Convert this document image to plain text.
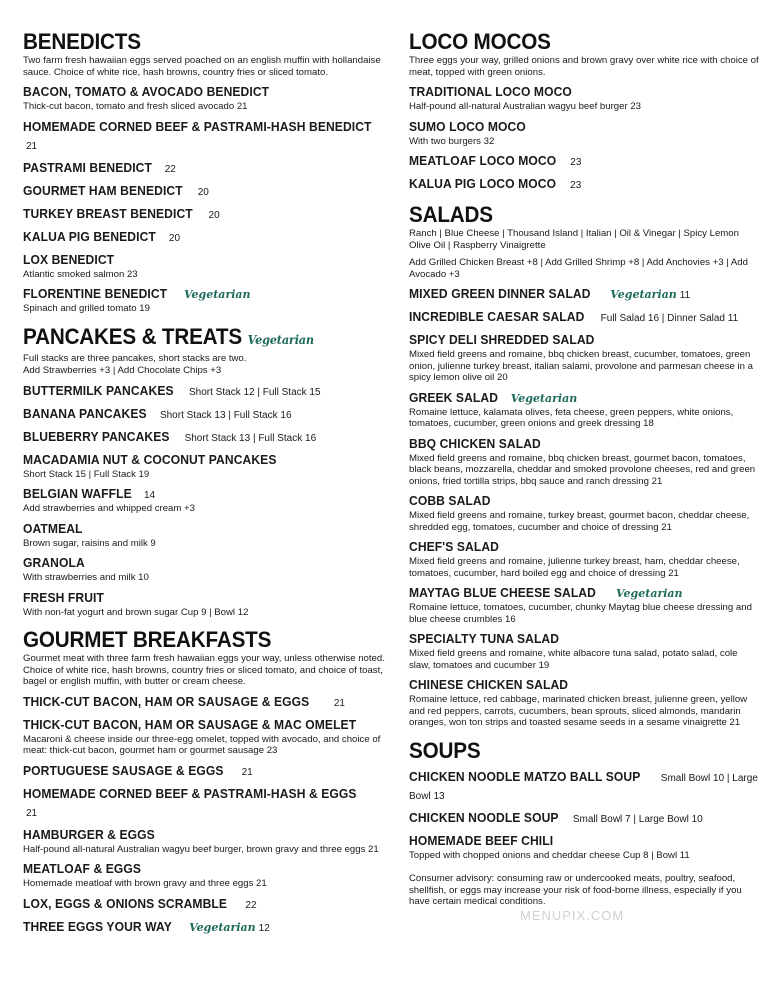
BENEDICTS
Two farm fresh hawaiian eggs served poached on an english muffin with hollandaise sauce. Choice of white rice, hash browns, country fries or sliced tomato.
BACON, TOMATO & AVOCADO BENEDICT
Thick-cut bacon, tomato and fresh sliced avocado 21
HOMEMADE CORNED BEEF & PASTRAMI-HASH BENEDICT21
PASTRAMI BENEDICT 22
GOURMET HAM BENEDICT 20
TURKEY BREAST BENEDICT 20
KALUA PIG BENEDICT 20
LOX BENEDICT
Atlantic smoked salmon 23
FLORENTINE BENEDICT Vegetarian
Spinach and grilled tomato 19
PANCAKES & TREATS Vegetarian
Full stacks are three pancakes, short stacks are two.
Add Strawberries +3 | Add Chocolate Chips +3
BUTTERMILK PANCAKES Short Stack 12 | Full Stack 15
BANANA PANCAKES Short Stack 13 | Full Stack 16
BLUEBERRY PANCAKES Short Stack 13 | Full Stack 16
MACADAMIA NUT & COCONUT PANCAKES
Short Stack 15 | Full Stack 19
BELGIAN WAFFLE 14
Add strawberries and whipped cream +3
OATMEAL
Brown sugar, raisins and milk 9
GRANOLA
With strawberries and milk 10
FRESH FRUIT
With non-fat yogurt and brown sugar Cup 9 | Bowl 12
GOURMET BREAKFASTS
Gourmet meat with three farm fresh hawaiian eggs your way, unless otherwise noted. Choice of white rice, hash browns, country fries or sliced tomato, and choice of toast, bagel or english muffin, with butter or cream cheese.
THICK-CUT BACON, HAM OR SAUSAGE & EGGS 21
THICK-CUT BACON, HAM OR SAUSAGE & MAC OMELET
Macaroni & cheese inside our three-egg omelet, topped with avocado, and choice of meat: thick-cut bacon, gourmet ham or gourmet sausage 23
PORTUGUESE SAUSAGE & EGGS 21
HOMEMADE CORNED BEEF & PASTRAMI-HASH & EGGS21
HAMBURGER & EGGS
Half-pound all-natural Australian wagyu beef burger, brown gravy and three eggs 21
MEATLOAF & EGGS
Homemade meatloaf with brown gravy and three eggs 21
LOX, EGGS & ONIONS SCRAMBLE 22
THREE EGGS YOUR WAY Vegetarian 12
LOCO MOCOS
Three eggs your way, grilled onions and brown gravy over white rice with choice of meat, topped with green onions.
TRADITIONAL LOCO MOCO
Half-pound all-natural Australian wagyu beef burger 23
SUMO LOCO MOCO
With two burgers 32
MEATLOAF LOCO MOCO 23
KALUA PIG LOCO MOCO 23
SALADS
Ranch | Blue Cheese | Thousand Island | Italian | Oil & Vinegar | Spicy Lemon Olive Oil | Raspberry Vinaigrette
Add Grilled Chicken Breast +8 | Add Grilled Shrimp +8 | Add Anchovies +3 | Add Avocado +3
MIXED GREEN DINNER SALAD Vegetarian 11
INCREDIBLE CAESAR SALAD Full Salad 16 | Dinner Salad 11
SPICY DELI SHREDDED SALAD
Mixed field greens and romaine, bbq chicken breast, cucumber, tomatoes, green onion, julienne turkey breast, italian salami, provolone and parmesan cheese in a spicy lemon olive oil 20
GREEK SALAD Vegetarian
Romaine lettuce, kalamata olives, feta cheese, green peppers, white onions, tomatoes, cucumber, green onions and greek dressing 18
BBQ CHICKEN SALAD
Mixed field greens and romaine, bbq chicken breast, gourmet bacon, tomatoes, black beans, mozzarella, cheddar and smoked provolone cheeses, red and green onions, fried tortilla strips, bbq sauce and ranch dressing 21
COBB SALAD
Mixed field greens and romaine, turkey breast, gourmet bacon, cheddar cheese, shredded egg, tomatoes, cucumber and choice of dressing 21
CHEF'S SALAD
Mixed field greens and romaine, julienne turkey breast, ham, cheddar cheese, tomatoes, cucumber, hard boiled egg and choice of dressing 21
MAYTAG BLUE CHEESE SALAD Vegetarian
Romaine lettuce, tomatoes, cucumber, chunky Maytag blue cheese dressing and blue cheese crumbles 16
SPECIALTY TUNA SALAD
Mixed field greens and romaine, white albacore tuna salad, potato salad, cole slaw, tomatoes and cucumber 19
CHINESE CHICKEN SALAD
Romaine lettuce, red cabbage, marinated chicken breast, julienne green, yellow and red peppers, carrots, cucumbers, bean sprouts, sliced almonds, mandarin oranges, won ton strips and toasted sesame seeds in a sesame vinaigrette 21
SOUPS
CHICKEN NOODLE MATZO BALL SOUP Small Bowl 10 | Large Bowl 13
CHICKEN NOODLE SOUP Small Bowl 7 | Large Bowl 10
HOMEMADE BEEF CHILI
Topped with chopped onions and cheddar cheese Cup 8 | Bowl 11
Consumer advisory: consuming raw or undercooked meats, poultry, seafood, shellfish, or eggs may increase your risk of food-borne illness, especially if you have certain medical conditions.
MENUPIX.COM
